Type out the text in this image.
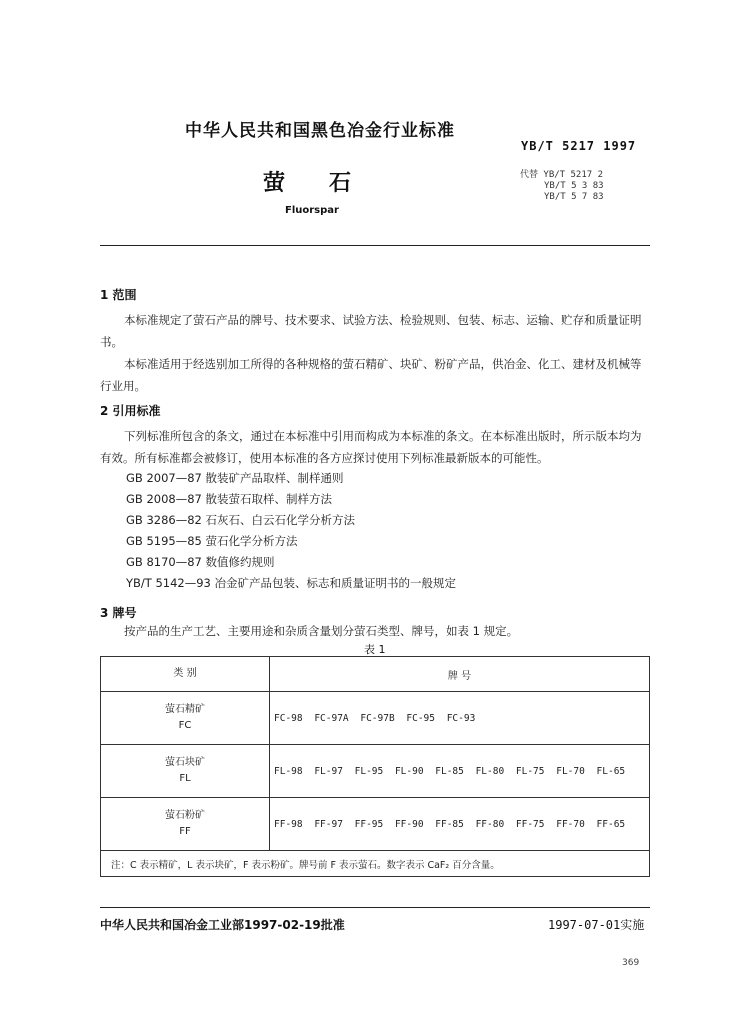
中华人民共和国黑色冶金行业标准
YB/T 5217 1997
萤石
Fluorspar
代替 YB/T 5217 2
YB/T 5 3 83
YB/T 5 7 83
1 范围
本标准规定了萤石产品的牌号、技术要求、试验方法、检验规则、包装、标志、运输、贮存和质量证明书。
本标准适用于经选别加工所得的各种规格的萤石精矿、块矿、粉矿产品，供冶金、化工、建材及机械等行业用。
2 引用标准
下列标准所包含的条文，通过在本标准中引用而构成为本标准的条文。在本标准出版时，所示版本均为有效。所有标准都会被修订，使用本标准的各方应探讨使用下列标准最新版本的可能性。
GB 2007—87 散装矿产品取样、制样通则
GB 2008—87 散装萤石取样、制样方法
GB 3286—82 石灰石、白云石化学分析方法
GB 5195—85 萤石化学分析方法
GB 8170—87 数值修约规则
YB/T 5142—93 冶金矿产品包装、标志和质量证明书的一般规定
3 牌号
按产品的生产工艺、主要用途和杂质含量划分萤石类型、牌号，如表 1 规定。
表 1
类 别	牌 号

萤石精矿
FC	FC-98 FC-97A FC-97B FC-95 FC-93

萤石块矿
FL	FL-98 FL-97 FL-95 FL-90 FL-85 FL-80 FL-75 FL-70 FL-65

萤石粉矿
FF	FF-98 FF-97 FF-95 FF-90 FF-85 FF-80 FF-75 FF-70 FF-65
注：C 表示精矿，L 表示块矿，F 表示粉矿。牌号前 F 表示萤石。数字表示 CaF₂ 百分含量。	
中华人民共和国冶金工业部1997-02-19批准	1997-07-01实施
369
